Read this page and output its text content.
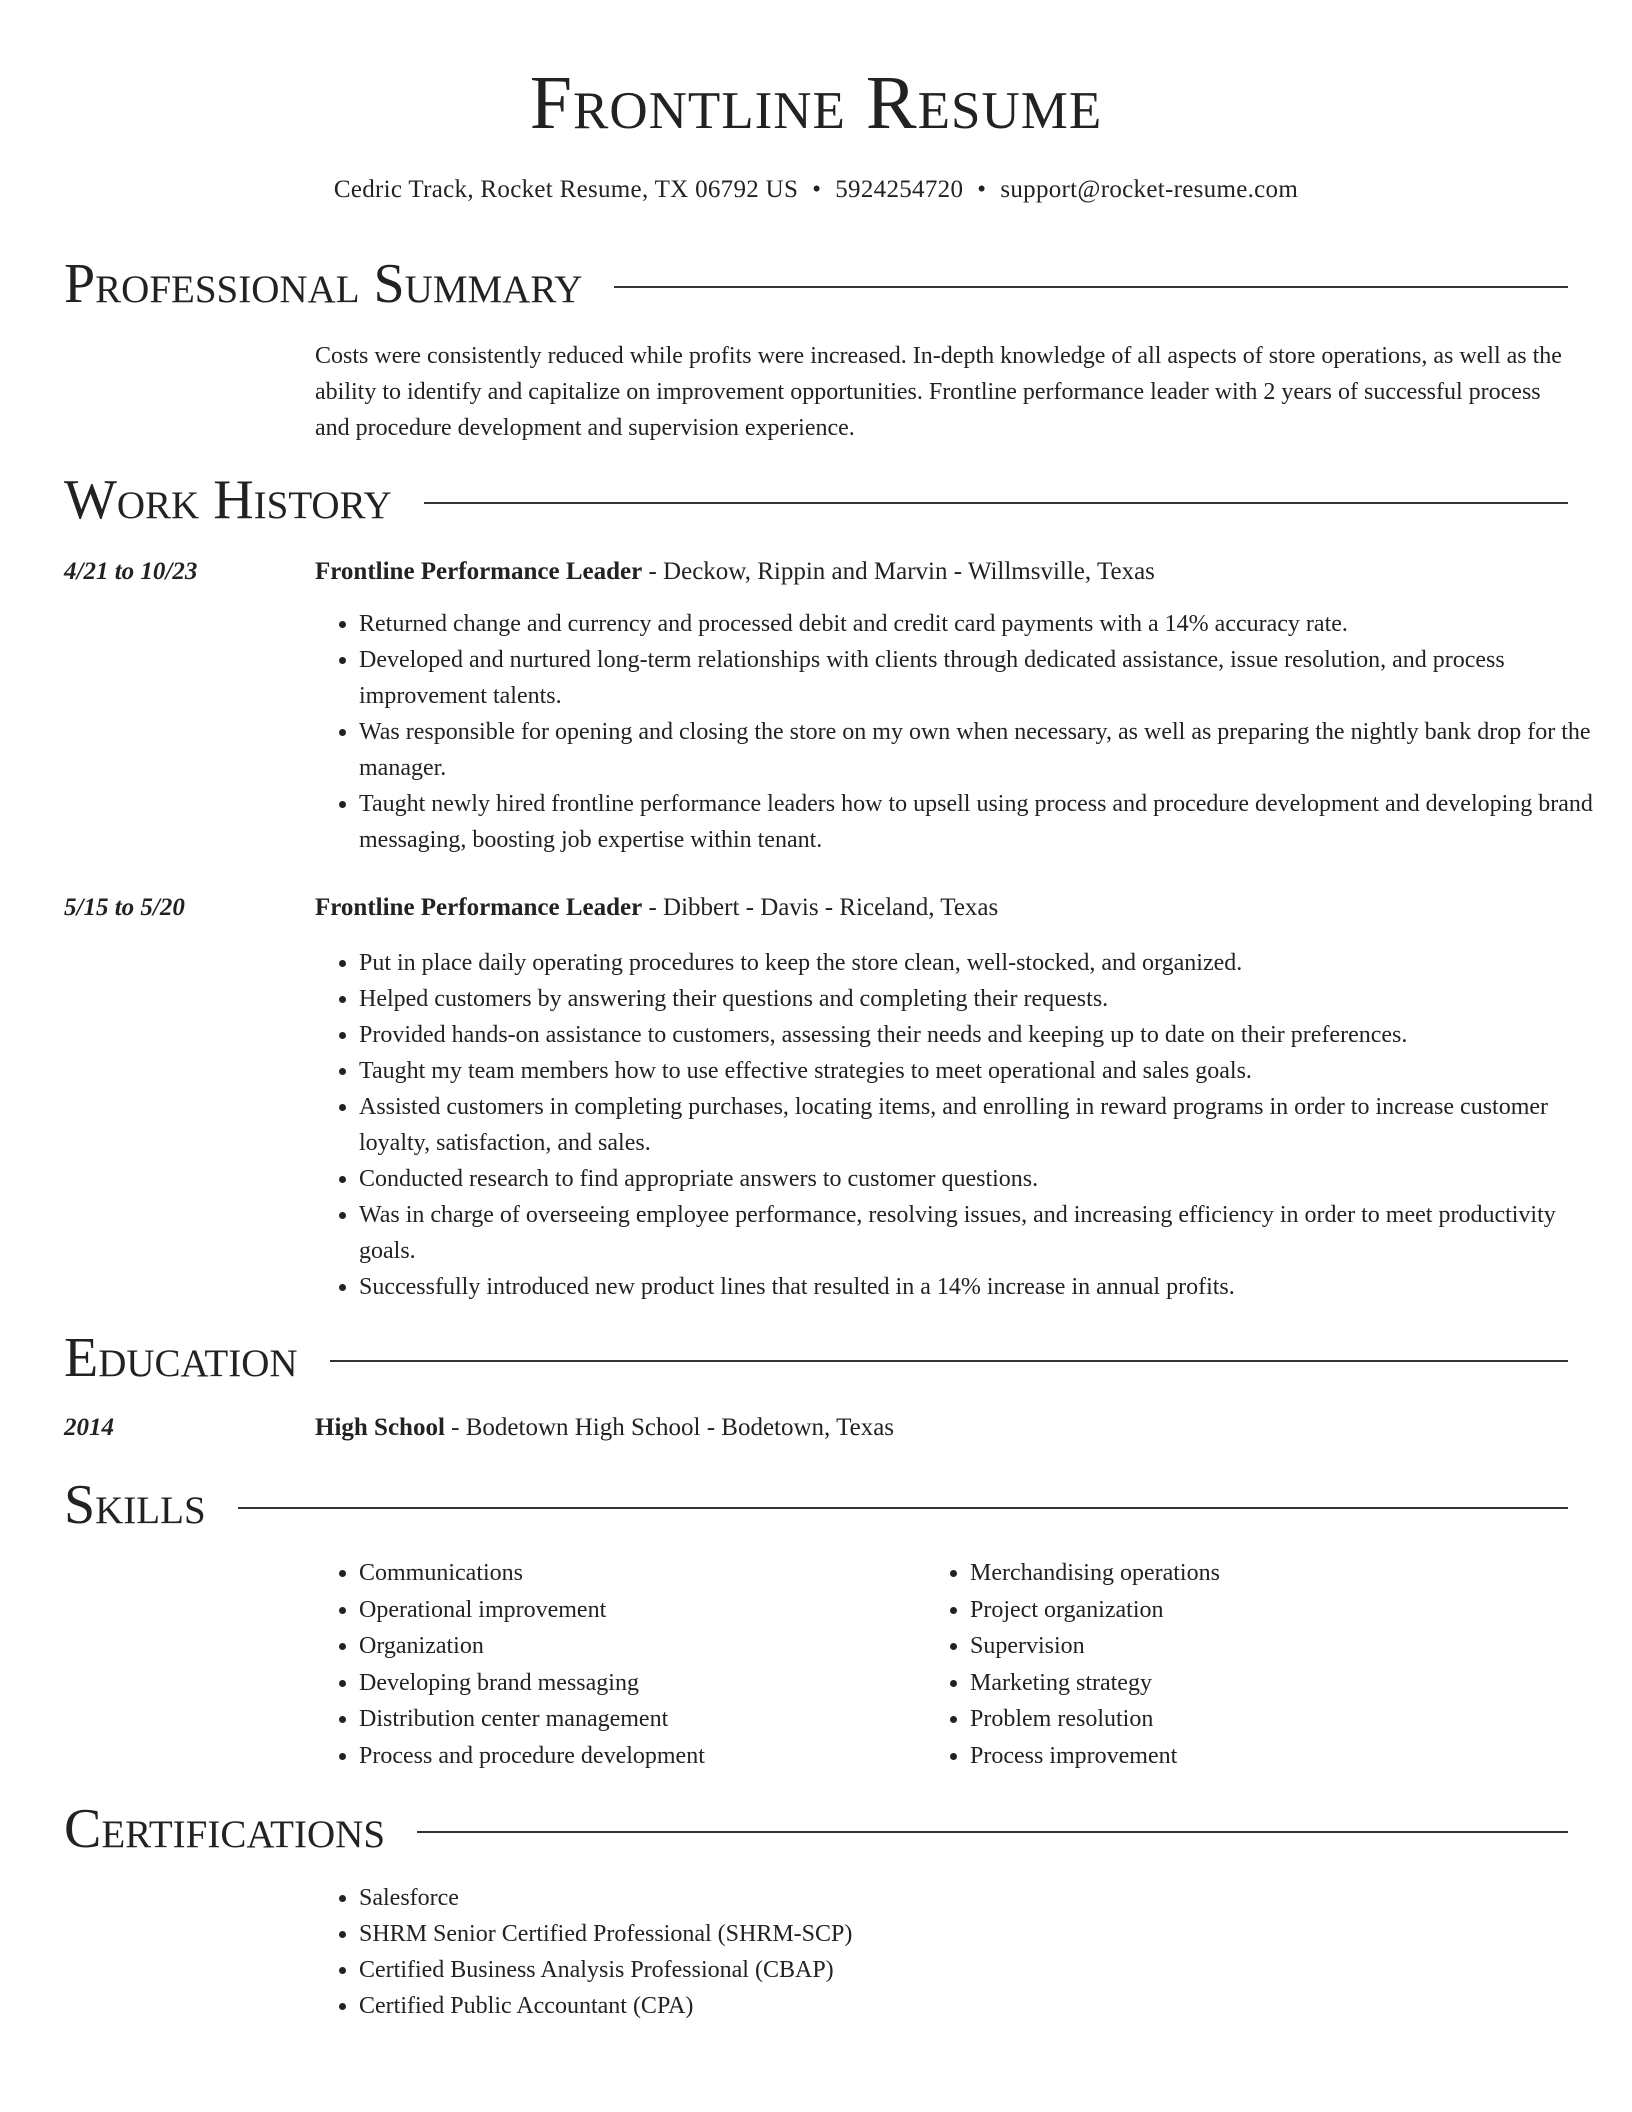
Frontline Resume
Cedric Track, Rocket Resume, TX 06792 US • 5924254720 • support@rocket-resume.com
Professional Summary

Costs were consistently reduced while profits were increased. In-depth knowledge of all aspects of store operations, as well as the ability to identify and capitalize on improvement opportunities. Frontline performance leader with 2 years of successful process and procedure development and supervision experience.

Work History
4/21 to 10/23	Frontline Performance Leader - Deckow, Rippin and Marvin - Willmsville, Texas
• Returned change and currency and processed debit and credit card payments with a 14% accuracy rate.
• Developed and nurtured long-term relationships with clients through dedicated assistance, issue resolution, and process improvement talents.
• Was responsible for opening and closing the store on my own when necessary, as well as preparing the nightly bank drop for the manager.
• Taught newly hired frontline performance leaders how to upsell using process and procedure development and developing brand messaging, boosting job expertise within tenant.
5/15 to 5/20	Frontline Performance Leader - Dibbert - Davis - Riceland, Texas
• Put in place daily operating procedures to keep the store clean, well-stocked, and organized.
• Helped customers by answering their questions and completing their requests.
• Provided hands-on assistance to customers, assessing their needs and keeping up to date on their preferences.
• Taught my team members how to use effective strategies to meet operational and sales goals.
• Assisted customers in completing purchases, locating items, and enrolling in reward programs in order to increase customer loyalty, satisfaction, and sales.
• Conducted research to find appropriate answers to customer questions.
• Was in charge of overseeing employee performance, resolving issues, and increasing efficiency in order to meet productivity goals.
• Successfully introduced new product lines that resulted in a 14% increase in annual profits.
Education
2014	High School - Bodetown High School - Bodetown, Texas
Skills
• Communications
• Operational improvement
• Organization
• Developing brand messaging
• Distribution center management
• Process and procedure development
• Merchandising operations
• Project organization
• Supervision
• Marketing strategy
• Problem resolution
• Process improvement
Certifications
• Salesforce
• SHRM Senior Certified Professional (SHRM-SCP)
• Certified Business Analysis Professional (CBAP)
• Certified Public Accountant (CPA)
